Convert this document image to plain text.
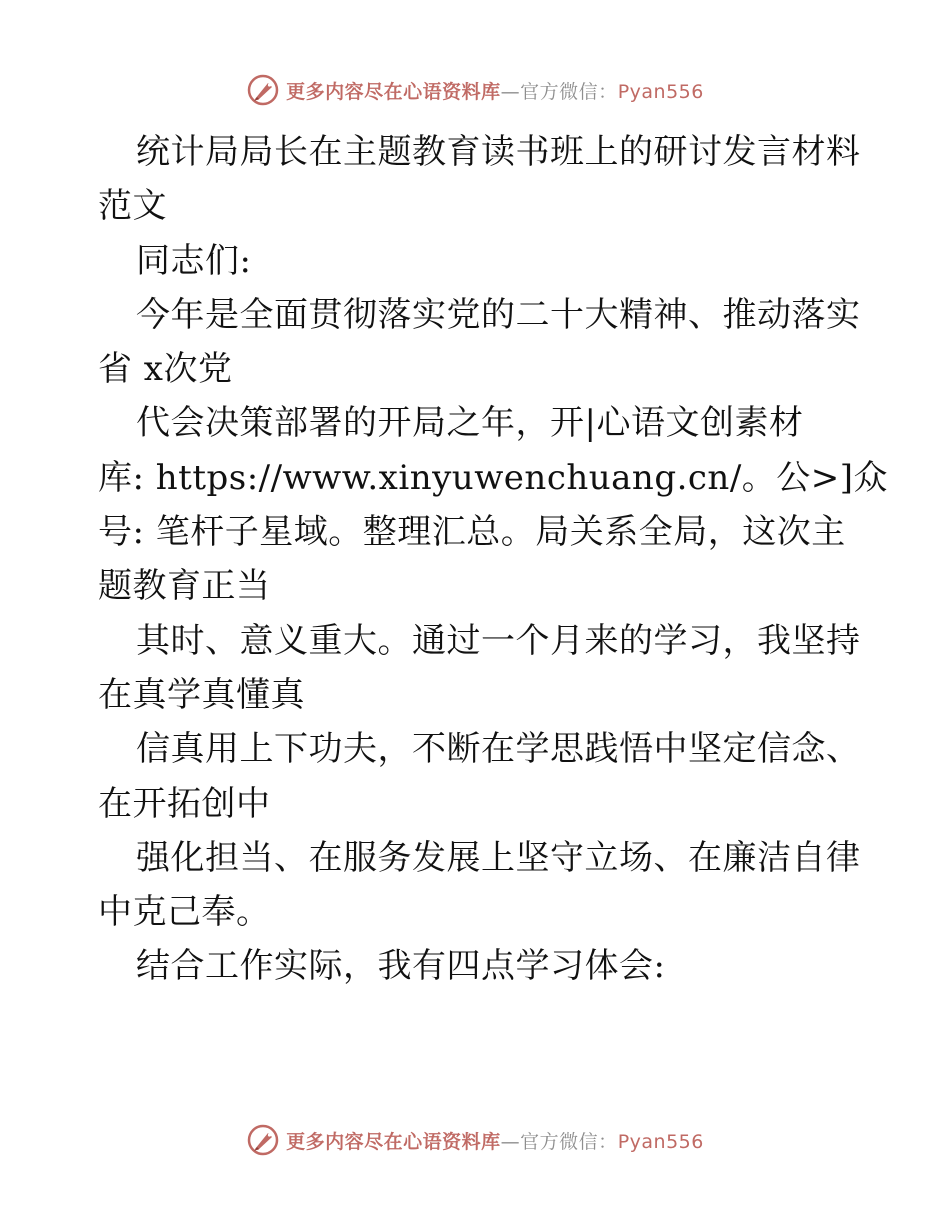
更多内容尽在心语资料库—官方微信：Pyan556
统计局局长在主题教育读书班上的研讨发言材料
范文
同志们:
今年是全面贯彻落实党的二十大精神、推动落实
省 x次党
代会决策部署的开局之年，开|心语文创素材
库: https://www.xinyuwenchuang.cn/。公>]众
号: 笔杆子星域。整理汇总。局关系全局，这次主
题教育正当
其时、意义重大。通过一个月来的学习，我坚持
在真学真懂真
信真用上下功夫，不断在学思践悟中坚定信念、
在开拓创中
强化担当、在服务发展上坚守立场、在廉洁自律
中克己奉。
结合工作实际，我有四点学习体会:
更多内容尽在心语资料库—官方微信：Pyan556
